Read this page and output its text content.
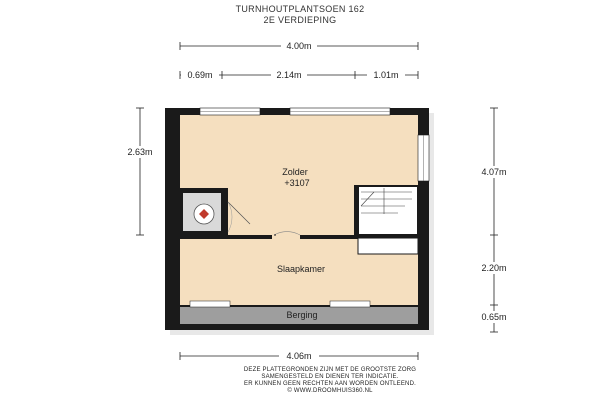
TURNHOUTPLANTSOEN 162
2E VERDIEPING
4.00m
0.69m	2.14m	1.01m
2.63m
4.07m
2.20m
0.65m
4.06m
Zolder
+3107
Slaapkamer
Berging
DEZE PLATTEGRONDEN ZIJN MET DE GROOTSTE ZORG
SAMENGESTELD EN DIENEN TER INDICATIE.
ER KUNNEN GEEN RECHTEN AAN WORDEN ONTLEEND.
© WWW.DROOMHUIS360.NL
